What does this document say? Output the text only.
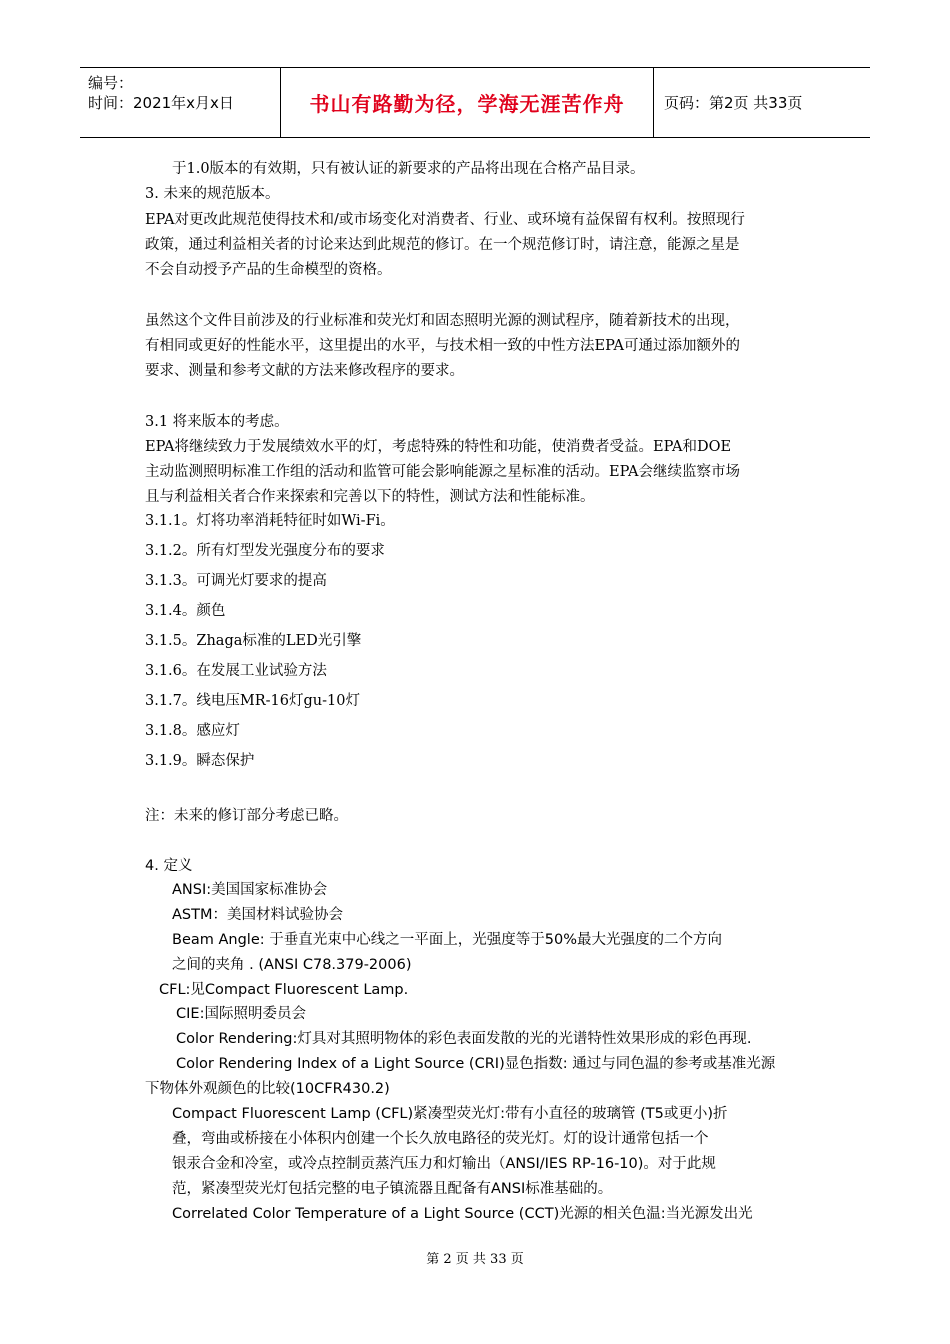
编号：
时间：2021年x月x日	书山有路勤为径，学海无涯苦作舟	页码：第2页 共33页
于1.0版本的有效期，只有被认证的新要求的产品将出现在合格产品目录。
3. 未来的规范版本。
EPA对更改此规范使得技术和/或市场变化对消费者、行业、或环境有益保留有权利。按照现行
政策，通过利益相关者的讨论来达到此规范的修订。在一个规范修订时，请注意，能源之星是
不会自动授予产品的生命模型的资格。
虽然这个文件目前涉及的行业标准和荧光灯和固态照明光源的测试程序，随着新技术的出现，
有相同或更好的性能水平，这里提出的水平，与技术相一致的中性方法EPA可通过添加额外的
要求、测量和参考文献的方法来修改程序的要求。
3.1 将来版本的考虑。
EPA将继续致力于发展绩效水平的灯，考虑特殊的特性和功能，使消费者受益。EPA和DOE
主动监测照明标准工作组的活动和监管可能会影响能源之星标准的活动。EPA会继续监察市场
且与利益相关者合作来探索和完善以下的特性，测试方法和性能标准。
3.1.1。灯将功率消耗特征时如Wi-Fi。
3.1.2。所有灯型发光强度分布的要求
3.1.3。可调光灯要求的提高
3.1.4。颜色
3.1.5。Zhaga标准的LED光引擎
3.1.6。在发展工业试验方法
3.1.7。线电压MR-16灯gu-10灯
3.1.8。感应灯
3.1.9。瞬态保护
注：未来的修订部分考虑已略。
4. 定义
ANSI:美国国家标准协会
ASTM：美国材料试验协会
Beam Angle: 于垂直光束中心线之一平面上，光强度等于50%最大光强度的二个方向
之间的夹角 . (ANSI C78.379-2006)
CFL:见Compact Fluorescent Lamp.
CIE:国际照明委员会
Color Rendering:灯具对其照明物体的彩色表面发散的光的光谱特性效果形成的彩色再现.
Color Rendering Index of a Light Source (CRI)显色指数: 通过与同色温的参考或基准光源
下物体外观颜色的比较(10CFR430.2)
Compact Fluorescent Lamp (CFL)紧凑型荧光灯:带有小直径的玻璃管 (T5或更小)折
叠，弯曲或桥接在小体积内创建一个长久放电路径的荧光灯。灯的设计通常包括一个
银汞合金和冷室，或冷点控制贡蒸汽压力和灯输出（ANSI/IES RP-16-10)。对于此规
范，紧凑型荧光灯包括完整的电子镇流器且配备有ANSI标准基础的。
Correlated Color Temperature of a Light Source (CCT)光源的相关色温:当光源发出光
第 2 页 共 33 页
